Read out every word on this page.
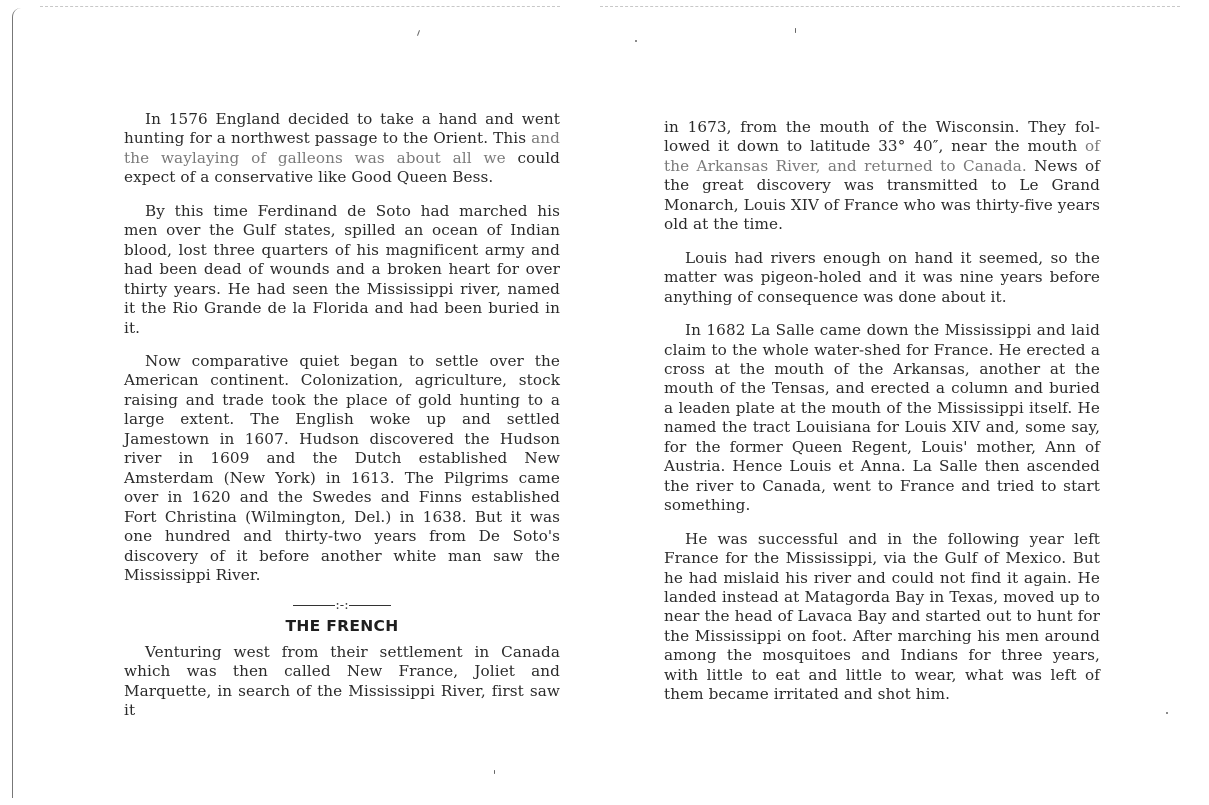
In 1576 England decided to take a hand and went hunting for a northwest passage to the Orient. This and the waylaying of galleons was about all we could expect of a conservative like Good Queen Bess.

By this time Ferdinand de Soto had marched his men over the Gulf states, spilled an ocean of Indian blood, lost three quarters of his magnificent army and had been dead of wounds and a broken heart for over thirty years. He had seen the Mississippi river, named it the Rio Grande de la Florida and had been buried in it.

Now comparative quiet began to settle over the American continent. Colonization, agriculture, stock raising and trade took the place of gold hunting to a large extent. The English woke up and settled Jamestown in 1607. Hudson discovered the Hudson river in 1609 and the Dutch established New Amsterdam (New York) in 1613. The Pilgrims came over in 1620 and the Swedes and Finns established Fort Christina (Wilmington, Del.) in 1638. But it was one hundred and thirty-two years from De Soto's discovery of it before another white man saw the Mississippi River.

:-:
THE FRENCH

Venturing west from their settlement in Canada which was then called New France, Joliet and Marquette, in search of the Mississippi River, first saw it

in 1673, from the mouth of the Wisconsin. They fol- lowed it down to latitude 33° 40″, near the mouth of the Arkansas River, and returned to Canada. News of the great discovery was transmitted to Le Grand Monarch, Louis XIV of France who was thirty-five years old at the time.

Louis had rivers enough on hand it seemed, so the matter was pigeon-holed and it was nine years before anything of consequence was done about it.

In 1682 La Salle came down the Mississippi and laid claim to the whole water-shed for France. He erected a cross at the mouth of the Arkansas, another at the mouth of the Tensas, and erected a column and buried a leaden plate at the mouth of the Mississippi itself. He named the tract Louisiana for Louis XIV and, some say, for the former Queen Regent, Louis' mother, Ann of Austria. Hence Louis et Anna. La Salle then ascended the river to Canada, went to France and tried to start something.

He was successful and in the following year left France for the Mississippi, via the Gulf of Mexico. But he had mislaid his river and could not find it again. He landed instead at Matagorda Bay in Texas, moved up to near the head of Lavaca Bay and started out to hunt for the Mississippi on foot. After marching his men around among the mosquitoes and Indians for three years, with little to eat and little to wear, what was left of them became irritated and shot him.
